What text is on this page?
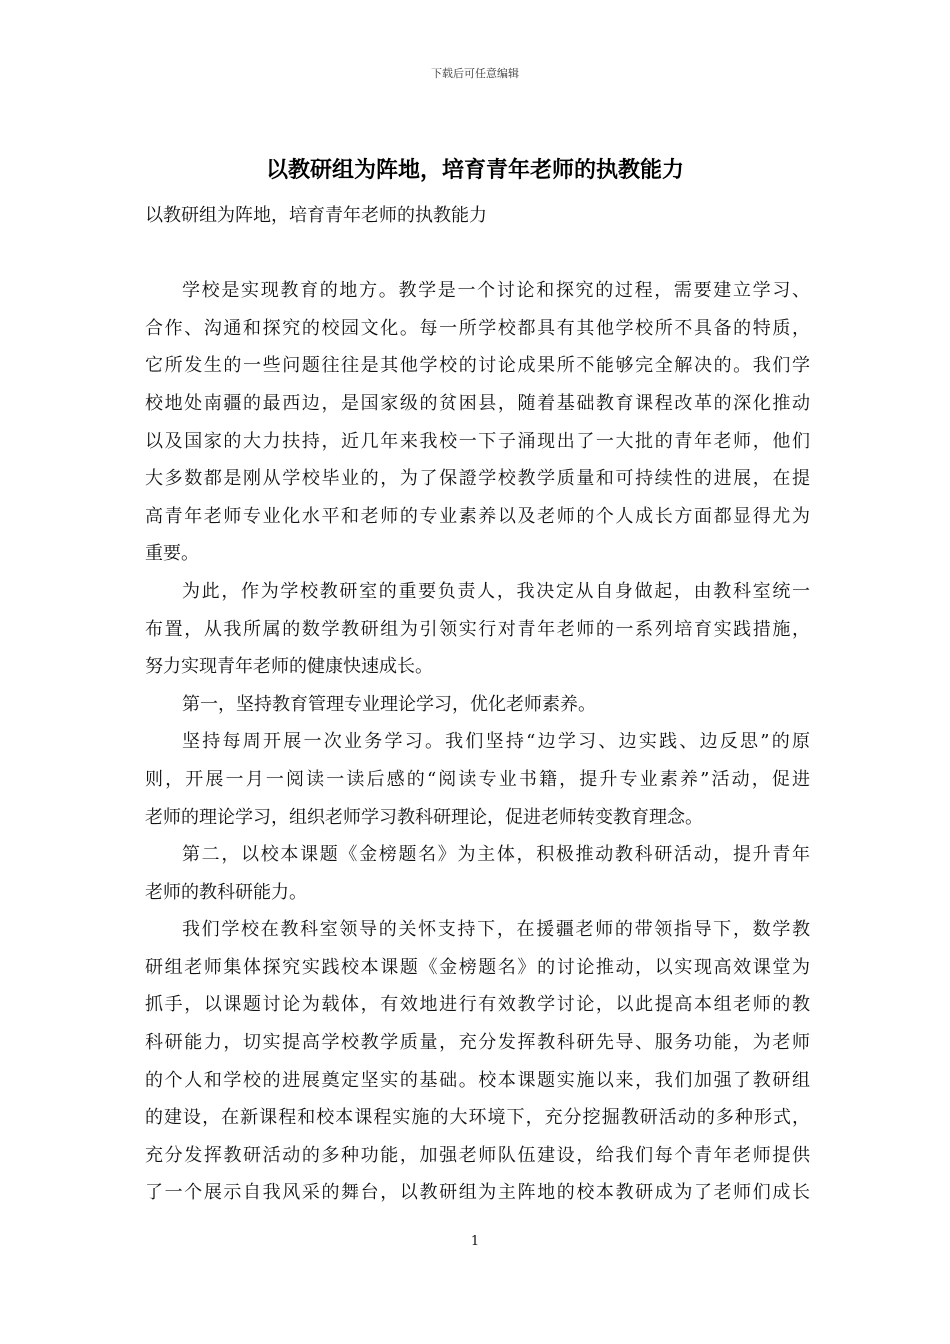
下载后可任意编辑
以教研组为阵地，培育青年老师的执教能力
以教研组为阵地，培育青年老师的执教能力
学校是实现教育的地方。教学是一个讨论和探究的过程，需要建立学习、
合作、沟通和探究的校园文化。每一所学校都具有其他学校所不具备的特质，
它所发生的一些问题往往是其他学校的讨论成果所不能够完全解决的。我们学
校地处南疆的最西边，是国家级的贫困县，随着基础教育课程改革的深化推动
以及国家的大力扶持，近几年来我校一下子涌现出了一大批的青年老师，他们
大多数都是刚从学校毕业的，为了保證学校教学质量和可持续性的进展，在提
高青年老师专业化水平和老师的专业素养以及老师的个人成长方面都显得尤为
重要。
为此，作为学校教研室的重要负责人，我决定从自身做起，由教科室统一
布置，从我所属的数学教研组为引领实行对青年老师的一系列培育实践措施，
努力实现青年老师的健康快速成长。
第一，坚持教育管理专业理论学习，优化老师素养。
坚持每周开展一次业务学习。我们坚持“边学习、边实践、边反思”的原
则，开展一月一阅读一读后感的“阅读专业书籍，提升专业素养”活动，促进
老师的理论学习，组织老师学习教科研理论，促进老师转变教育理念。
第二，以校本课题《金榜题名》为主体，积极推动教科研活动，提升青年
老师的教科研能力。
我们学校在教科室领导的关怀支持下，在援疆老师的带领指导下，数学教
研组老师集体探究实践校本课题《金榜题名》的讨论推动，以实现高效课堂为
抓手，以课题讨论为载体，有效地进行有效教学讨论，以此提高本组老师的教
科研能力，切实提高学校教学质量，充分发挥教科研先导、服务功能，为老师
的个人和学校的进展奠定坚实的基础。校本课题实施以来，我们加强了教研组
的建设，在新课程和校本课程实施的大环境下，充分挖掘教研活动的多种形式，
充分发挥教研活动的多种功能，加强老师队伍建设，给我们每个青年老师提供
了一个展示自我风采的舞台，以教研组为主阵地的校本教研成为了老师们成长
1
